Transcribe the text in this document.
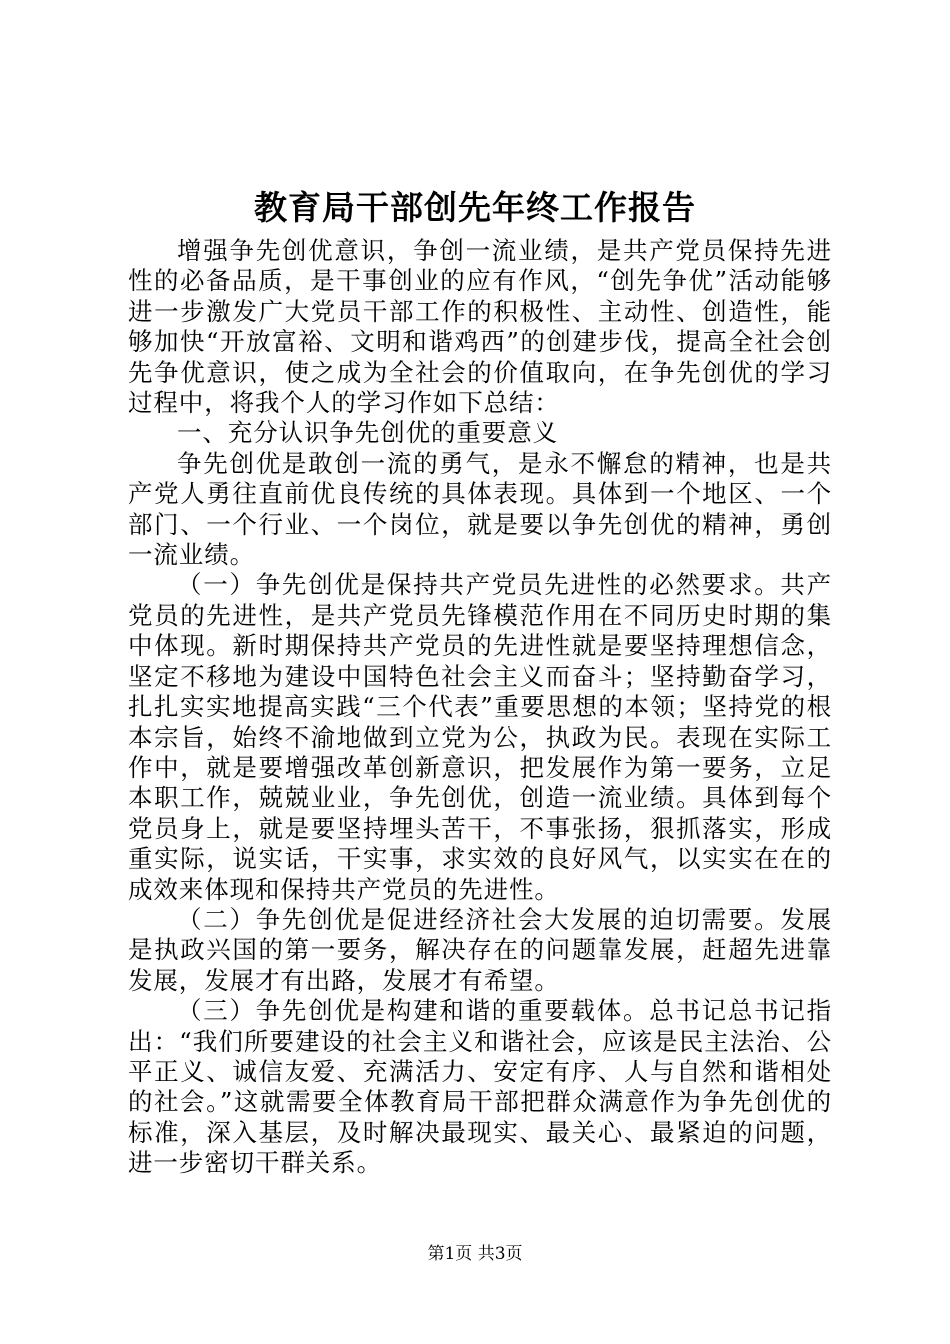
教育局干部创先年终工作报告

增强争先创优意识，争创一流业绩，是共产党员保持先进性的必备品质，是干事创业的应有作风，“创先争优”活动能够进一步激发广大党员干部工作的积极性、主动性、创造性，能够加快“开放富裕、文明和谐鸡西”的创建步伐，提高全社会创先争优意识，使之成为全社会的价值取向，在争先创优的学习过程中，将我个人的学习作如下总结：

一、充分认识争先创优的重要意义

争先创优是敢创一流的勇气，是永不懈怠的精神，也是共产党人勇往直前优良传统的具体表现。具体到一个地区、一个部门、一个行业、一个岗位，就是要以争先创优的精神，勇创一流业绩。

（一）争先创优是保持共产党员先进性的必然要求。共产党员的先进性，是共产党员先锋模范作用在不同历史时期的集中体现。新时期保持共产党员的先进性就是要坚持理想信念，坚定不移地为建设中国特色社会主义而奋斗；坚持勤奋学习，扎扎实实地提高实践“三个代表”重要思想的本领；坚持党的根本宗旨，始终不渝地做到立党为公，执政为民。表现在实际工作中，就是要增强改革创新意识，把发展作为第一要务，立足本职工作，兢兢业业，争先创优，创造一流业绩。具体到每个党员身上，就是要坚持埋头苦干，不事张扬，狠抓落实，形成重实际，说实话，干实事，求实效的良好风气，以实实在在的成效来体现和保持共产党员的先进性。

（二）争先创优是促进经济社会大发展的迫切需要。发展是执政兴国的第一要务，解决存在的问题靠发展，赶超先进靠发展，发展才有出路，发展才有希望。

（三）争先创优是构建和谐的重要载体。总书记总书记指出：“我们所要建设的社会主义和谐社会，应该是民主法治、公平正义、诚信友爱、充满活力、安定有序、人与自然和谐相处的社会。”这就需要全体教育局干部把群众满意作为争先创优的标准，深入基层，及时解决最现实、最关心、最紧迫的问题，进一步密切干群关系。

第1页 共3页
